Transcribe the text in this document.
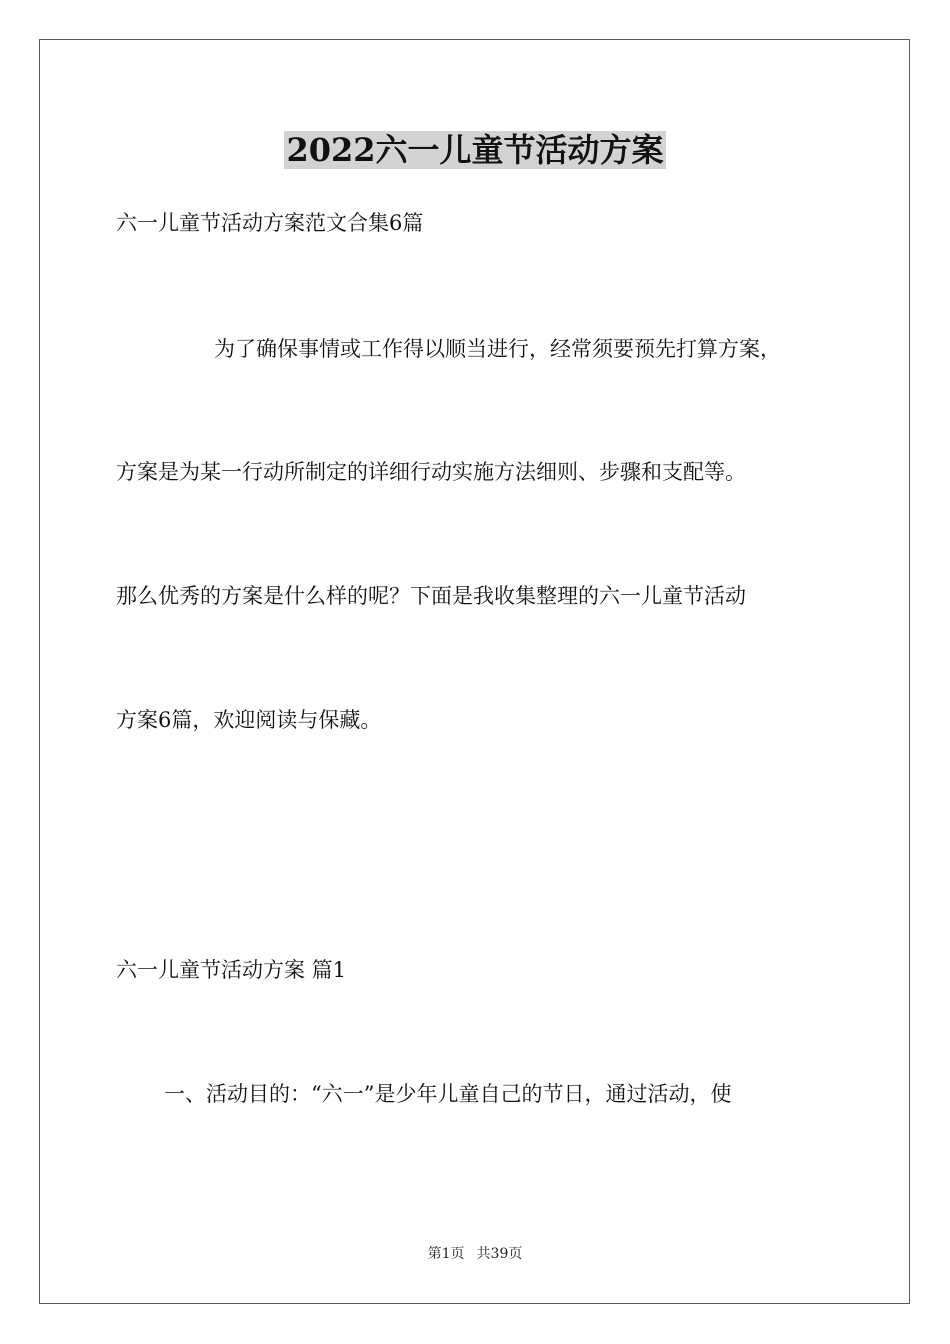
2022六一儿童节活动方案

六一儿童节活动方案范文合集6篇

为了确保事情或工作得以顺当进行，经常须要预先打算方案，

方案是为某一行动所制定的详细行动实施方法细则、步骤和支配等。

那么优秀的方案是什么样的呢？下面是我收集整理的六一儿童节活动

方案6篇，欢迎阅读与保藏。

六一儿童节活动方案 篇1

一、活动目的：“六一”是少年儿童自己的节日，通过活动，使

第1页 共39页
